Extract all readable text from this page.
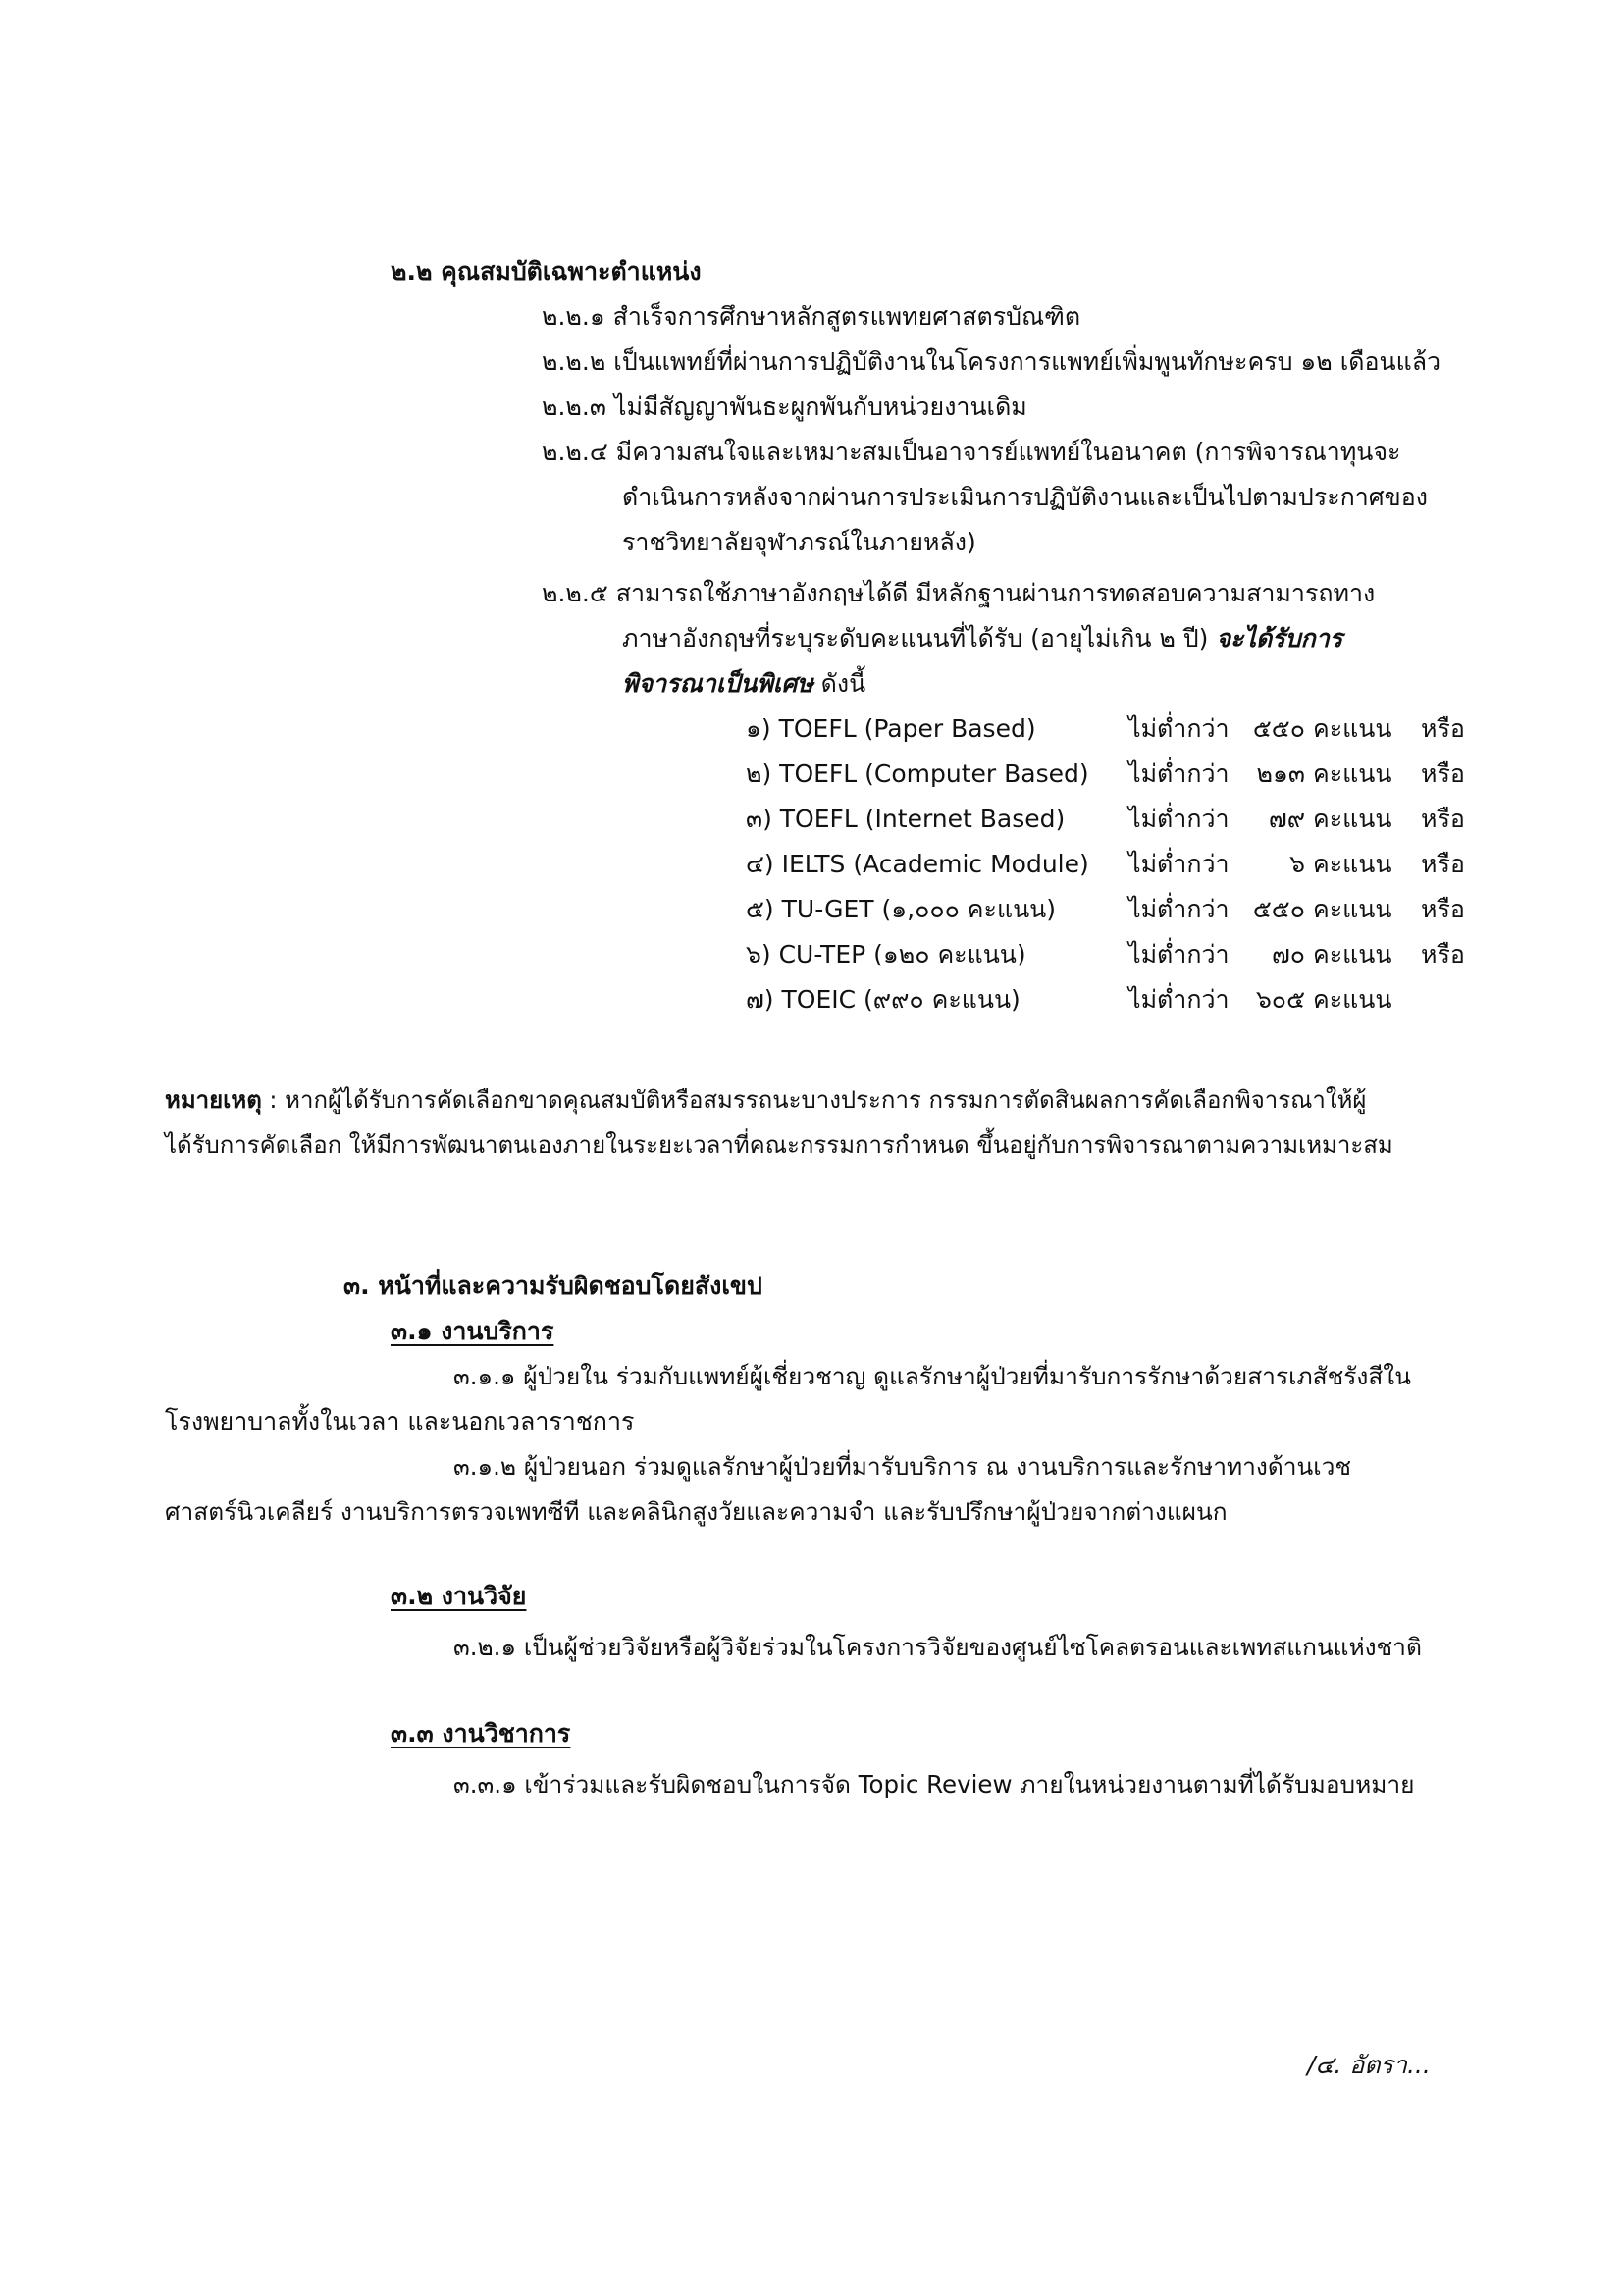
๒.๒ คุณสมบัติเฉพาะตำแหน่ง
๒.๒.๑ สำเร็จการศึกษาหลักสูตรแพทยศาสตรบัณฑิต
๒.๒.๒ เป็นแพทย์ที่ผ่านการปฏิบัติงานในโครงการแพทย์เพิ่มพูนทักษะครบ ๑๒ เดือนแล้ว
๒.๒.๓ ไม่มีสัญญาพันธะผูกพันกับหน่วยงานเดิม
๒.๒.๔ มีความสนใจและเหมาะสมเป็นอาจารย์แพทย์ในอนาคต (การพิจารณาทุนจะ
ดำเนินการหลังจากผ่านการประเมินการปฏิบัติงานและเป็นไปตามประกาศของ
ราชวิทยาลัยจุฬาภรณ์ในภายหลัง)
๒.๒.๕ สามารถใช้ภาษาอังกฤษได้ดี มีหลักฐานผ่านการทดสอบความสามารถทาง
ภาษาอังกฤษที่ระบุระดับคะแนนที่ได้รับ (อายุไม่เกิน ๒ ปี) จะได้รับการ
พิจารณาเป็นพิเศษ ดังนี้
๑) TOEFL (Paper Based)	ไม่ต่ำกว่า ๕๕๐ คะแนน หรือ
๒) TOEFL (Computer Based) ไม่ต่ำกว่า	๒๑๓ คะแนน หรือ
๓) TOEFL (Internet Based)	ไม่ต่ำกว่า	๗๙ คะแนน หรือ
๔) IELTS (Academic Module) ไม่ต่ำกว่า	๖ คะแนน หรือ
๕) TU-GET (๑,๐๐๐ คะแนน)	ไม่ต่ำกว่า ๕๕๐ คะแนน หรือ
๖) CU-TEP (๑๒๐ คะแนน)	ไม่ต่ำกว่า	๗๐ คะแนน หรือ
๗) TOEIC (๙๙๐ คะแนน)	ไม่ต่ำกว่า	๖๐๕ คะแนน
หมายเหตุ : หากผู้ได้รับการคัดเลือกขาดคุณสมบัติหรือสมรรถนะบางประการ กรรมการตัดสินผลการคัดเลือกพิจารณาให้ผู้
ได้รับการคัดเลือก ให้มีการพัฒนาตนเองภายในระยะเวลาที่คณะกรรมการกำหนด ขึ้นอยู่กับการพิจารณาตามความเหมาะสม
๓. หน้าที่และความรับผิดชอบโดยสังเขป
๓.๑ งานบริการ
๓.๑.๑ ผู้ป่วยใน ร่วมกับแพทย์ผู้เชี่ยวชาญ ดูแลรักษาผู้ป่วยที่มารับการรักษาด้วยสารเภสัชรังสีใน
โรงพยาบาลทั้งในเวลา และนอกเวลาราชการ
๓.๑.๒ ผู้ป่วยนอก ร่วมดูแลรักษาผู้ป่วยที่มารับบริการ ณ งานบริการและรักษาทางด้านเวช
ศาสตร์นิวเคลียร์ งานบริการตรวจเพทซีที และคลินิกสูงวัยและความจำ และรับปรึกษาผู้ป่วยจากต่างแผนก
๓.๒ งานวิจัย
๓.๒.๑ เป็นผู้ช่วยวิจัยหรือผู้วิจัยร่วมในโครงการวิจัยของศูนย์ไซโคลตรอนและเพทสแกนแห่งชาติ
๓.๓ งานวิชาการ
๓.๓.๑ เข้าร่วมและรับผิดชอบในการจัด Topic Review ภายในหน่วยงานตามที่ได้รับมอบหมาย
/๔. อัตรา...
